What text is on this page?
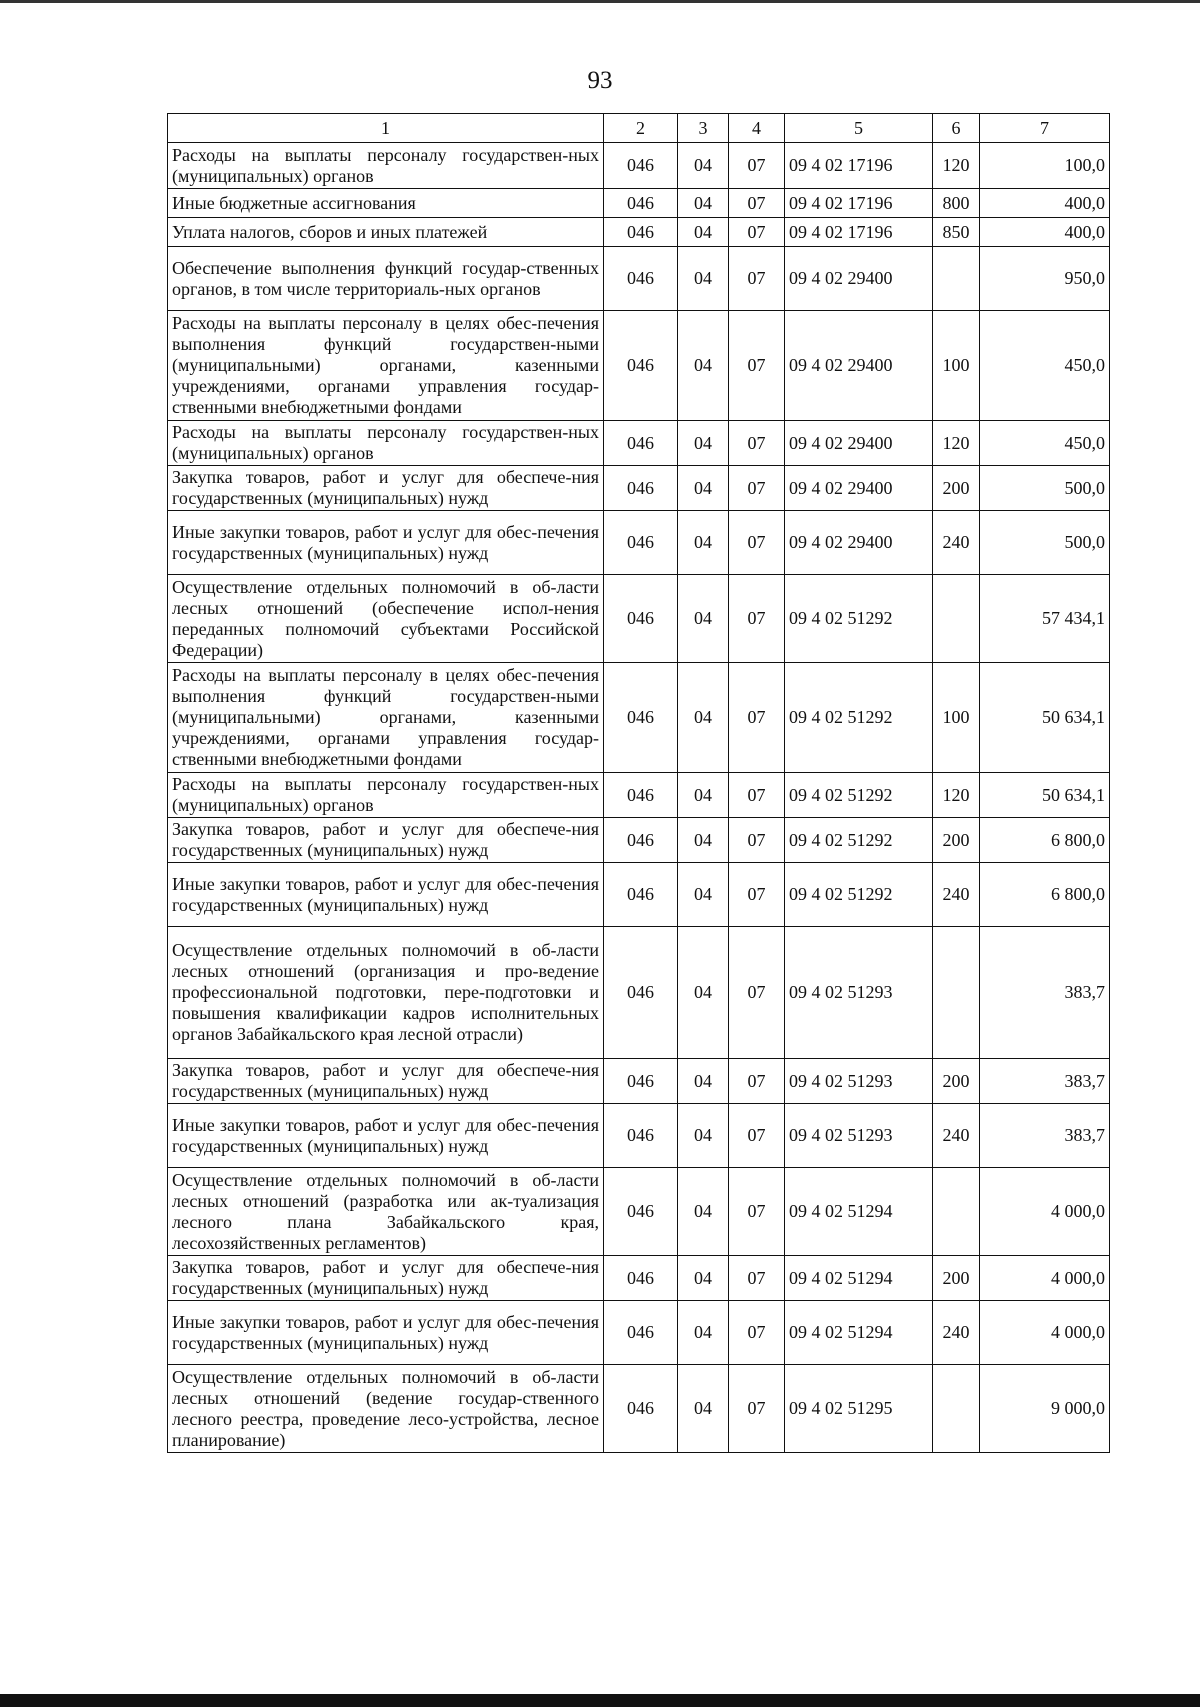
93
1	2	3	4	5	6	7
Расходы на выплаты персоналу государствен-ных (муниципальных) органов	046	04	07	09 4 02 17196	120	100,0
Иные бюджетные ассигнования	046	04	07	09 4 02 17196	800	400,0
Уплата налогов, сборов и иных платежей	046	04	07	09 4 02 17196	850	400,0
Обеспечение выполнения функций государ-ственных органов, в том числе территориаль-ных органов	046	04	07	09 4 02 29400		950,0
Расходы на выплаты персоналу в целях обес-печения выполнения функций государствен-ными (муниципальными) органами, казенными учреждениями, органами управления государ-ственными внебюджетными фондами	046	04	07	09 4 02 29400	100	450,0
Расходы на выплаты персоналу государствен-ных (муниципальных) органов	046	04	07	09 4 02 29400	120	450,0
Закупка товаров, работ и услуг для обеспече-ния государственных (муниципальных) нужд	046	04	07	09 4 02 29400	200	500,0
Иные закупки товаров, работ и услуг для обес-печения государственных (муниципальных) нужд	046	04	07	09 4 02 29400	240	500,0
Осуществление отдельных полномочий в об-ласти лесных отношений (обеспечение испол-нения переданных полномочий субъектами Российской Федерации)	046	04	07	09 4 02 51292		57 434,1
Расходы на выплаты персоналу в целях обес-печения выполнения функций государствен-ными (муниципальными) органами, казенными учреждениями, органами управления государ-ственными внебюджетными фондами	046	04	07	09 4 02 51292	100	50 634,1
Расходы на выплаты персоналу государствен-ных (муниципальных) органов	046	04	07	09 4 02 51292	120	50 634,1
Закупка товаров, работ и услуг для обеспече-ния государственных (муниципальных) нужд	046	04	07	09 4 02 51292	200	6 800,0
Иные закупки товаров, работ и услуг для обес-печения государственных (муниципальных) нужд	046	04	07	09 4 02 51292	240	6 800,0
Осуществление отдельных полномочий в об-ласти лесных отношений (организация и про-ведение профессиональной подготовки, пере-подготовки и повышения квалификации кадров исполнительных органов Забайкальского края лесной отрасли)	046	04	07	09 4 02 51293		383,7
Закупка товаров, работ и услуг для обеспече-ния государственных (муниципальных) нужд	046	04	07	09 4 02 51293	200	383,7
Иные закупки товаров, работ и услуг для обес-печения государственных (муниципальных) нужд	046	04	07	09 4 02 51293	240	383,7
Осуществление отдельных полномочий в об-ласти лесных отношений (разработка или ак-туализация лесного плана Забайкальского края, лесохозяйственных регламентов)	046	04	07	09 4 02 51294		4 000,0
Закупка товаров, работ и услуг для обеспече-ния государственных (муниципальных) нужд	046	04	07	09 4 02 51294	200	4 000,0
Иные закупки товаров, работ и услуг для обес-печения государственных (муниципальных) нужд	046	04	07	09 4 02 51294	240	4 000,0
Осуществление отдельных полномочий в об-ласти лесных отношений (ведение государ-ственного лесного реестра, проведение лесо-устройства, лесное планирование)	046	04	07	09 4 02 51295		9 000,0
